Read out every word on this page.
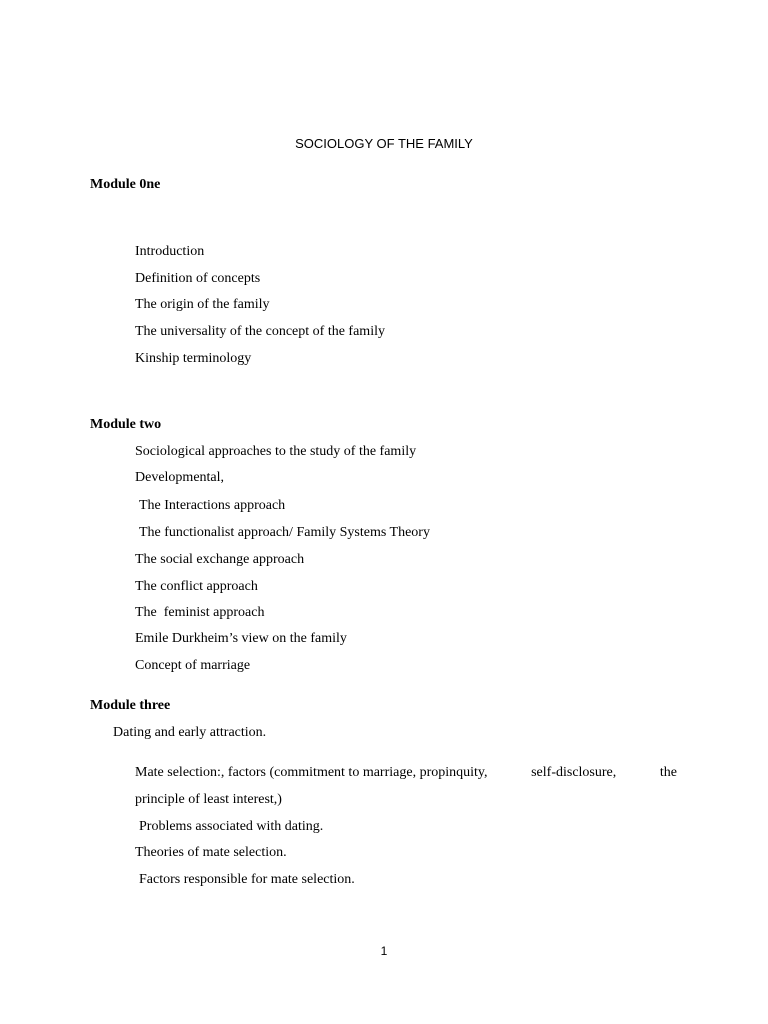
SOCIOLOGY OF THE FAMILY
Module 0ne
Introduction
Definition of concepts
The origin of the family
The universality of the concept of the family
Kinship terminology
Module two
Sociological approaches to the study of the family
Developmental,
The Interactions approach
The functionalist approach/ Family Systems Theory
The social exchange approach
The conflict approach
The  feminist approach
Emile Durkheim’s view on the family
Concept of marriage
Module three
Dating and early attraction.
Mate selection:, factors (commitment to marriage, propinquity,	self-disclosure,	the
principle of least interest,)
Problems associated with dating.
Theories of mate selection.
Factors responsible for mate selection.
1
